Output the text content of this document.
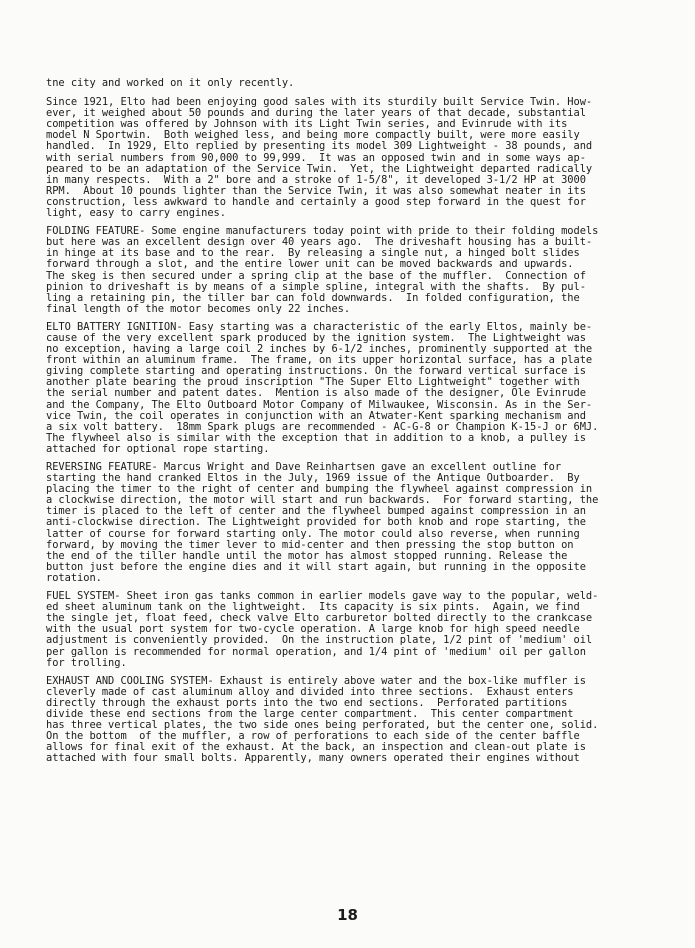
tne city and worked on it only recently.
Since 1921, Elto had been enjoying good sales with its sturdily built Service Twin. How-
ever, it weighed about 50 pounds and during the later years of that decade, substantial
competition was offered by Johnson with its Light Twin series, and Evinrude with its
model N Sportwin.  Both weighed less, and being more compactly built, were more easily
handled.  In 1929, Elto replied by presenting its model 309 Lightweight - 38 pounds, and
with serial numbers from 90,000 to 99,999.  It was an opposed twin and in some ways ap-
peared to be an adaptation of the Service Twin.  Yet, the Lightweight departed radically
in many respects.  With a 2" bore and a stroke of 1-5/8", it developed 3-1/2 HP at 3000
RPM.  About 10 pounds lighter than the Service Twin, it was also somewhat neater in its
construction, less awkward to handle and certainly a good step forward in the quest for
light, easy to carry engines.
FOLDING FEATURE- Some engine manufacturers today point with pride to their folding models
but here was an excellent design over 40 years ago.  The driveshaft housing has a built-
in hinge at its base and to the rear.  By releasing a single nut, a hinged bolt slides
forward through a slot, and the entire lower unit can be moved backwards and upwards.
The skeg is then secured under a spring clip at the base of the muffler.  Connection of
pinion to driveshaft is by means of a simple spline, integral with the shafts.  By pul-
ling a retaining pin, the tiller bar can fold downwards.  In folded configuration, the
final length of the motor becomes only 22 inches.
ELTO BATTERY IGNITION- Easy starting was a characteristic of the early Eltos, mainly be-
cause of the very excellent spark produced by the ignition system.  The Lightweight was
no exception, having a large coil 2 inches by 6-1/2 inches, prominently supported at the
front within an aluminum frame.  The frame, on its upper horizontal surface, has a plate
giving complete starting and operating instructions. On the forward vertical surface is
another plate bearing the proud inscription "The Super Elto Lightweight" together with
the serial number and patent dates.  Mention is also made of the designer, Ole Evinrude
and the Company, The Elto Outboard Motor Company of Milwaukee, Wisconsin. As in the Ser-
vice Twin, the coil operates in conjunction with an Atwater-Kent sparking mechanism and
a six volt battery.  18mm Spark plugs are recommended - AC-G-8 or Champion K-15-J or 6MJ.
The flywheel also is similar with the exception that in addition to a knob, a pulley is
attached for optional rope starting.
REVERSING FEATURE- Marcus Wright and Dave Reinhartsen gave an excellent outline for
starting the hand cranked Eltos in the July, 1969 issue of the Antique Outboarder.  By
placing the timer to the right of center and bumping the flywheel against compression in
a clockwise direction, the motor will start and run backwards.  For forward starting, the
timer is placed to the left of center and the flywheel bumped against compression in an
anti-clockwise direction. The Lightweight provided for both knob and rope starting, the
latter of course for forward starting only. The motor could also reverse, when running
forward, by moving the timer lever to mid-center and then pressing the stop button on
the end of the tiller handle until the motor has almost stopped running. Release the
button just before the engine dies and it will start again, but running in the opposite
rotation.
FUEL SYSTEM- Sheet iron gas tanks common in earlier models gave way to the popular, weld-
ed sheet aluminum tank on the lightweight.  Its capacity is six pints.  Again, we find
the single jet, float feed, check valve Elto carburetor bolted directly to the crankcase
with the usual port system for two-cycle operation. A large knob for high speed needle
adjustment is conveniently provided.  On the instruction plate, 1/2 pint of 'medium' oil
per gallon is recommended for normal operation, and 1/4 pint of 'medium' oil per gallon
for trolling.
EXHAUST AND COOLING SYSTEM- Exhaust is entirely above water and the box-like muffler is
cleverly made of cast aluminum alloy and divided into three sections.  Exhaust enters
directly through the exhaust ports into the two end sections.  Perforated partitions
divide these end sections from the large center compartment.  This center compartment
has three vertical plates, the two side ones being perforated, but the center one, solid.
On the bottom  of the muffler, a row of perforations to each side of the center baffle
allows for final exit of the exhaust. At the back, an inspection and clean-out plate is
attached with four small bolts. Apparently, many owners operated their engines without
18
